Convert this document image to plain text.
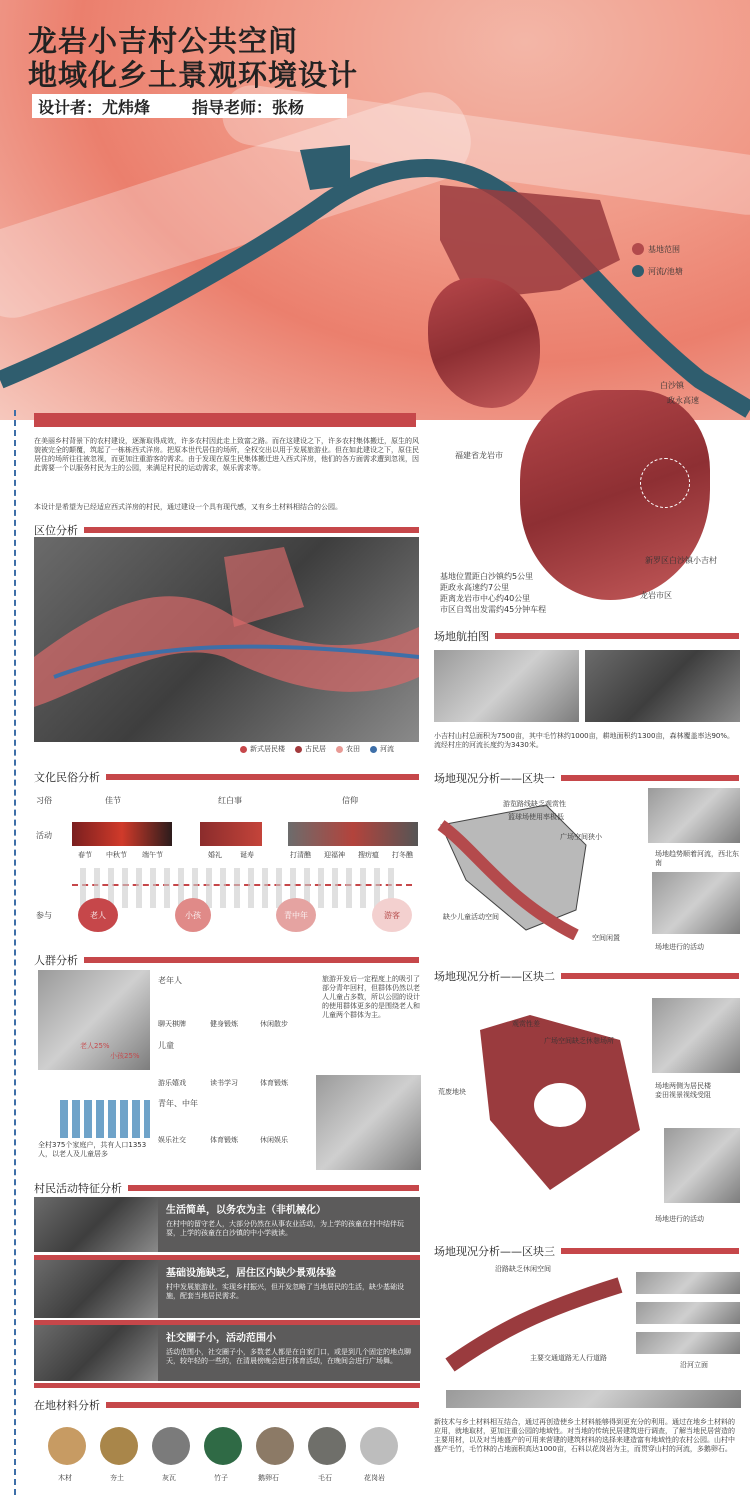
龙岩小吉村公共空间
地域化乡土景观环境设计
设计者：尤炜烽	指导老师：张杨
基地范围
河流/池塘
福建省龙岩市
白沙镇
政永高速
新罗区白沙镇小吉村
龙岩市区
基地位置距白沙镇约5公里
距政永高速约7公里
距离龙岩市中心约40公里
市区自驾出发需约45分钟车程
在美丽乡村背景下的农村建设，逐渐取得成效，许多农村因此走上致富之路。而在这建设之下，许多农村集体搬迁，原生的风貌被完全的颠覆，筑起了一栋栋西式洋房。把原本世代居住的场所，全权交出以用于发展旅游业。但在如此建设之下，原住民居住的场所往往被忽视，而更加注重游客的需求。由于发现在原生民集体搬迁进入西式洋房，他们的各方面需求遭到忽视，因此需要一个以服务村民为主的公园，来满足村民的运动需求，娱乐需求等。
本设计是希望为已经适应西式洋房的村民，通过建设一个具有现代感，又有乡土材料相结合的公园。
区位分析
新式居民楼	古民居	农田	河流
场地航拍图
小吉村山村总面积为7500亩，其中毛竹林约1000亩，耕地面积约1300亩，森林覆盖率达90%。流经村庄的河流长度约为3430米。
文化民俗分析
习俗
活动
参与
佳节	红白事	信仰
春节 中秋节 端午节	婚礼	诞寿	打清醮 迎福神 搜疠瘟 打冬醮
老人	小孩	青中年	游客
人群分析
老人25%
小孩25%
全村375个家庭户，共有人口1353人，以老人及儿童居多
老年人
儿童
青年、中年
聊天棋牌	健身锻炼	休闲散步
游乐嬉戏	读书学习	体育锻炼
娱乐社交	体育锻炼	休闲娱乐
旅游开发后一定程度上的吸引了部分青年回村，但群体仍然以老人儿童占多数，所以公园的设计的使用群体更多的是围绕老人和儿童两个群体为主。
村民活动特征分析
生活简单，以务农为主（非机械化）
在村中的留守老人，大部分仍然在从事农业活动，为上学的孩童在村中结伴玩耍，上学的孩童在白沙镇的中小学就读。
基础设施缺乏，居住区内缺少景观体验
村中发展旅游业，实现乡村振兴，但开发忽略了当地居民的生活，缺少基础设施，配套当地居民需求。
社交圈子小，活动范围小
活动范围小，社交圈子小，多数老人都是在自家门口，或是到几个固定的地点聊天，较年轻的一些的，在清晨傍晚会进行体育活动，在晚间会进行广场舞。
场地现况分析——区块一
游览路线缺乏观赏性
篮球场使用率极低
广场空间狭小
缺少儿童活动空间
空间闲置
场地趋势顺着河流，西北东南
场地进行的活动
场地现况分析——区块二
观赏性差
广场空间缺乏休憩场所
荒废地块
场地两侧为居民楼
妾田视景视线受阻
场地进行的活动
场地现况分析——区块三
沿路缺乏休闲空间
主要交通道路无人行道路
沿河立面
在地材料分析
木材	夯土	灰瓦	竹子	鹅卵石	毛石	花岗岩
新技术与乡土材料相互结合，通过再创造使乡土材料能够得到更充分的利用。通过在地乡土材料的应用，就地取材，更加注重公园的地域性。对当地的传统民居建筑进行调查，了解当地民居营造的主要用材，以及对当地盛产的可用来营建的建筑材料的选择来建造富有地域性的农村公园。山村中盛产毛竹，毛竹林的占地面积高达1000亩，石料以花岗岩为主，而贯穿山村的河流，多鹅卵石。
